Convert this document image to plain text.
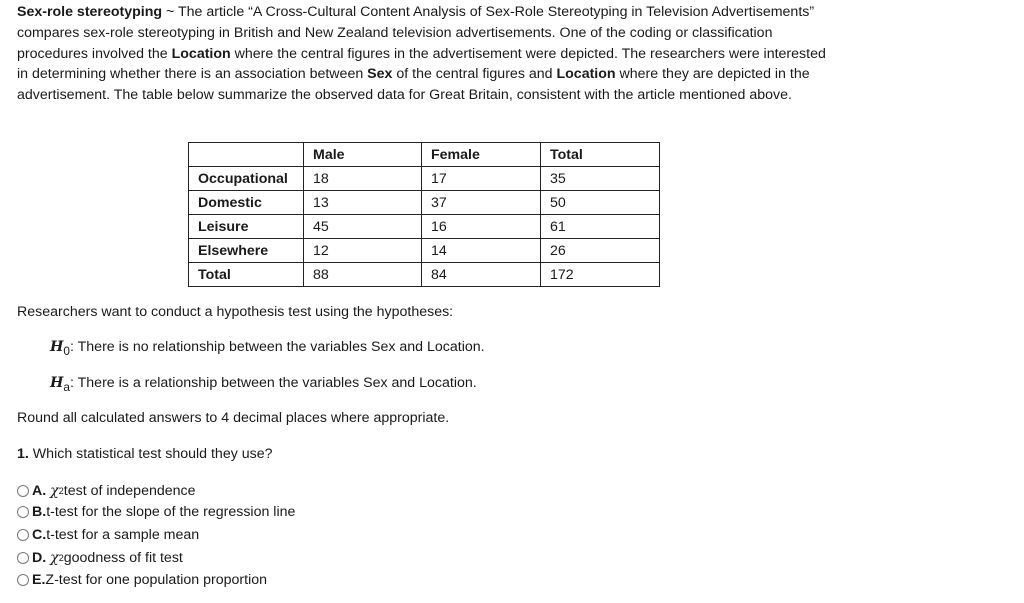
Sex-role stereotyping ~ The article “A Cross-Cultural Content Analysis of Sex-Role Stereotyping in Television Advertisements” compares sex-role stereotyping in British and New Zealand television advertisements. One of the coding or classification procedures involved the Location where the central figures in the advertisement were depicted. The researchers were interested in determining whether there is an association between Sex of the central figures and Location where they are depicted in the advertisement. The table below summarize the observed data for Great Britain, consistent with the article mentioned above.

	Male	Female	Total
Occupational	18	17	35
Domestic	13	37	50
Leisure	45	16	61
Elsewhere	12	14	26
Total	88	84	172
Researchers want to conduct a hypothesis test using the hypotheses:
$H_0$: There is no relationship between the variables Sex and Location.
$H_a$: There is a relationship between the variables Sex and Location.
Round all calculated answers to 4 decimal places where appropriate.
1. Which statistical test should they use?
A.
χ 2 test of independence
B. t-test for the slope of the regression line
C. t-test for a sample mean
D.
χ 2 goodness of fit test
E. Z-test for one population proportion
